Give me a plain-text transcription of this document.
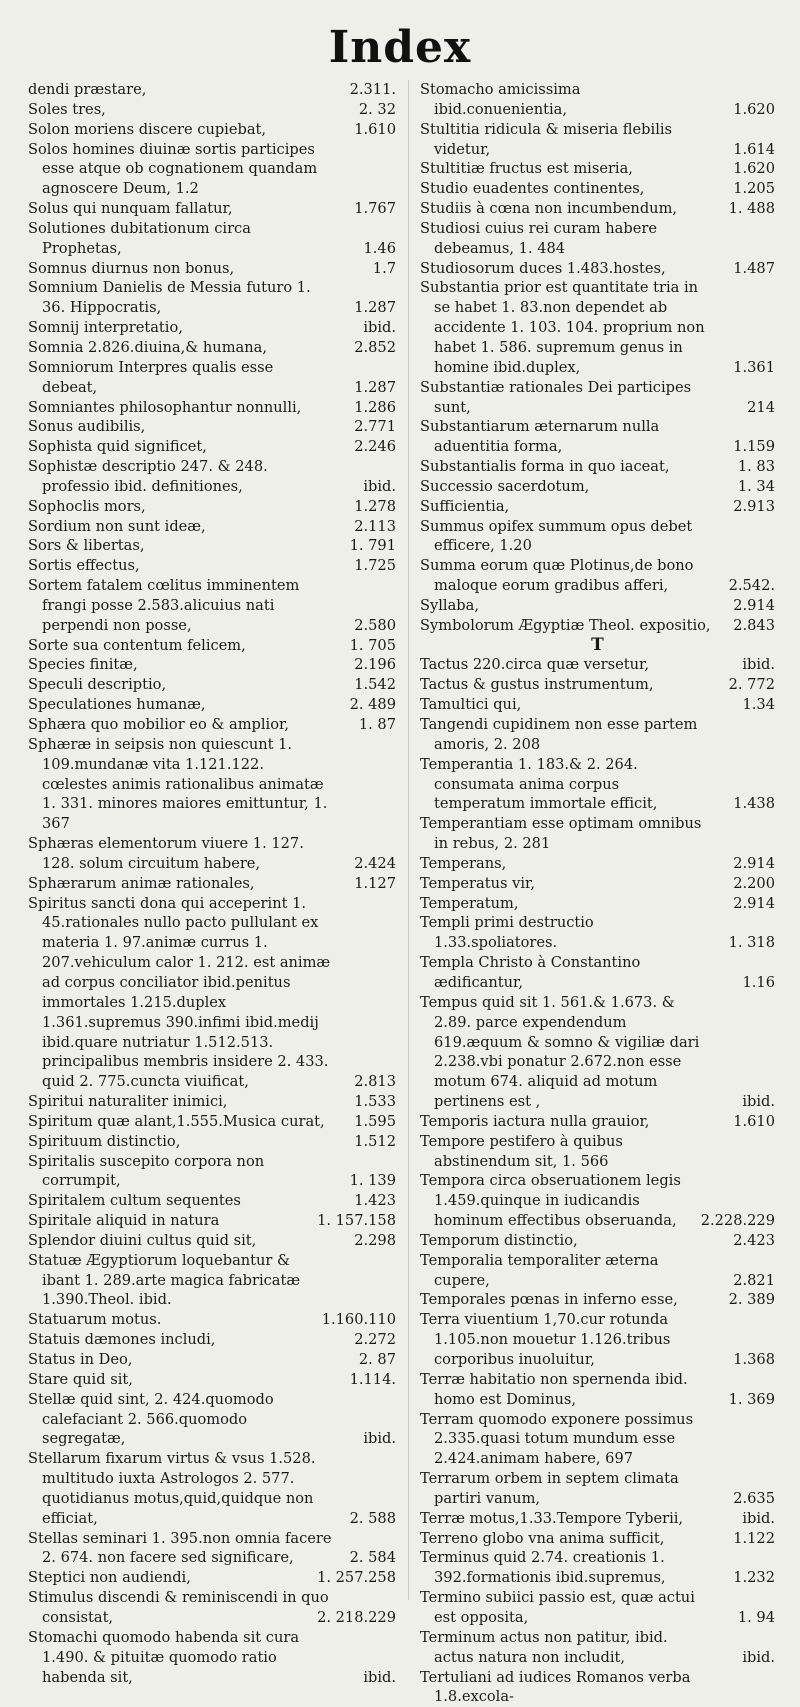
Index
dendi præstare,	2.311.
Soles tres,	2. 32
Solon moriens discere cupiebat,	1.610
Solos homines diuinæ sortis participes esse atque ob cognationem quandam agnoscere Deum, 1.2
Solus qui nunquam fallatur,	1.767
Solutiones dubitationum circa Prophetas,	1.46
Somnus diurnus non bonus,	1.7
Somnium Danielis de Messia futuro 1. 36. Hippocratis,	1.287
Somnij interpretatio,	ibid.
Somnia 2.826.diuina,& humana,	2.852
Somniorum Interpres qualis esse debeat,	1.287
Somniantes philosophantur nonnulli,	1.286
Sonus audibilis,	2.771
Sophista quid significet,	2.246
Sophistæ descriptio 247. & 248. professio ibid. definitiones,	ibid.
Sophoclis mors,	1.278
Sordium non sunt ideæ,	2.113
Sors & libertas,	1. 791
Sortis effectus,	1.725
Sortem fatalem cœlitus imminentem frangi posse 2.583.alicuius nati perpendi non posse,	2.580
Sorte sua contentum felicem,	1. 705
Species finitæ,	2.196
Speculi descriptio,	1.542
Speculationes humanæ,	2. 489
Sphæra quo mobilior eo & amplior,	1. 87
Sphæræ in seipsis non quiescunt 1. 109.mundanæ vita 1.121.122. cœlestes animis rationalibus animatæ 1. 331. minores maiores emittuntur, 1. 367
Sphæras elementorum viuere 1. 127. 128. solum circuitum habere,	2.424
Sphærarum animæ rationales,	1.127
Spiritus sancti dona qui acceperint 1. 45.rationales nullo pacto pullulant ex materia 1. 97.animæ currus 1. 207.vehiculum calor 1. 212. est animæ ad corpus conciliator ibid.penitus immortales 1.215.duplex 1.361.supremus 390.infimi ibid.medij ibid.quare nutriatur 1.512.513. principalibus membris insidere 2. 433. quid 2. 775.cuncta viuificat,	2.813
Spiritui naturaliter inimici,	1.533
Spiritum quæ alant,1.555.Musica curat, 1.595
Spirituum distinctio,	1.512
Spiritalis suscepito corpora non corrumpit,	1. 139
Spiritalem cultum sequentes	1.423
Spiritale aliquid in natura	1. 157.158
Splendor diuini cultus quid sit,	2.298
Statuæ Ægyptiorum loquebantur & ibant 1. 289.arte magica fabricatæ 1.390.Theol. ibid.
Statuarum motus.	1.160.110
Statuis dæmones includi,	2.272
Status in Deo,	2. 87
Stare quid sit,	1.114.
Stellæ quid sint, 2. 424.quomodo calefaciant 2. 566.quomodo segregatæ,	ibid.
Stellarum fixarum virtus & vsus 1.528. multitudo iuxta Astrologos 2. 577. quotidianus motus,quid,quidque non efficiat,	2. 588
Stellas seminari 1. 395.non omnia facere 2. 674. non facere sed significare,	2. 584
Steptici non audiendi,	1. 257.258
Stimulus discendi & reminiscendi in quo consistat,	2. 218.229
Stomachi quomodo habenda sit cura 1.490. & pituitæ quomodo ratio habenda sit,	ibid.
Stomacho amicissima ibid.conuenientia,	1.620
Stultitia ridicula & miseria flebilis videtur,	1.614
Stultitiæ fructus est miseria,	1.620
Studio euadentes continentes,	1.205
Studiis à cœna non incumbendum,	1. 488
Studiosi cuius rei curam habere debeamus, 1. 484
Studiosorum duces 1.483.hostes,	1.487
Substantia prior est quantitate tria in se habet 1. 83.non dependet ab accidente 1. 103. 104. proprium non habet 1. 586. supremum genus in homine ibid.duplex,	1.361
Substantiæ rationales Dei participes sunt,	214
Substantiarum æternarum nulla aduentitia forma,	1.159
Substantialis forma in quo iaceat,	1. 83
Successio sacerdotum,	1. 34
Sufficientia,	2.913
Summus opifex summum opus debet efficere, 1.20
Summa eorum quæ Plotinus,de bono maloque eorum gradibus afferi,	2.542.
Syllaba,	2.914
Symbolorum Ægyptiæ Theol. expositio, 2.843
T
Tactus 220.circa quæ versetur,	ibid.
Tactus & gustus instrumentum,	2. 772
Tamultici qui,	1.34
Tangendi cupidinem non esse partem amoris, 2. 208
Temperantia 1. 183.& 2. 264. consumata anima corpus temperatum immortale efficit,	1.438
Temperantiam esse optimam omnibus in rebus, 2. 281
Temperans,	2.914
Temperatus vir,	2.200
Temperatum,	2.914
Templi primi destructio 1.33.spoliatores.	1. 318
Templa Christo à Constantino ædificantur,	1.16
Tempus quid sit 1. 561.& 1.673. & 2.89. parce expendendum 619.æquum & somno & vigiliæ dari 2.238.vbi ponatur 2.672.non esse motum 674. aliquid ad motum pertinens est ,	ibid.
Temporis iactura nulla grauior,	1.610
Tempore pestifero à quibus abstinendum sit, 1. 566
Tempora circa obseruationem legis 1.459.quinque in iudicandis hominum effectibus obseruanda, 2.228.229
Temporum distinctio,	2.423
Temporalia temporaliter æterna cupere,	2.821
Temporales pœnas in inferno esse,	2. 389
Terra viuentium 1,70.cur rotunda 1.105.non mouetur 1.126.tribus corporibus inuoluitur,	1.368
Terræ habitatio non spernenda ibid. homo est Dominus,	1. 369
Terram quomodo exponere possimus 2.335.quasi totum mundum esse 2.424.animam habere, 697
Terrarum orbem in septem climata partiri vanum,	2.635
Terræ motus,1.33.Tempore Tyberii,	ibid.
Terreno globo vna anima sufficit,	1.122
Terminus quid 2.74. creationis 1. 392.formationis ibid.supremus,	1.232
Termino subiici passio est, quæ actui est opposita,	1. 94
Terminum actus non patitur, ibid. actus natura non includit,	ibid.
Tertuliani ad iudices Romanos verba 1.8.excola-
